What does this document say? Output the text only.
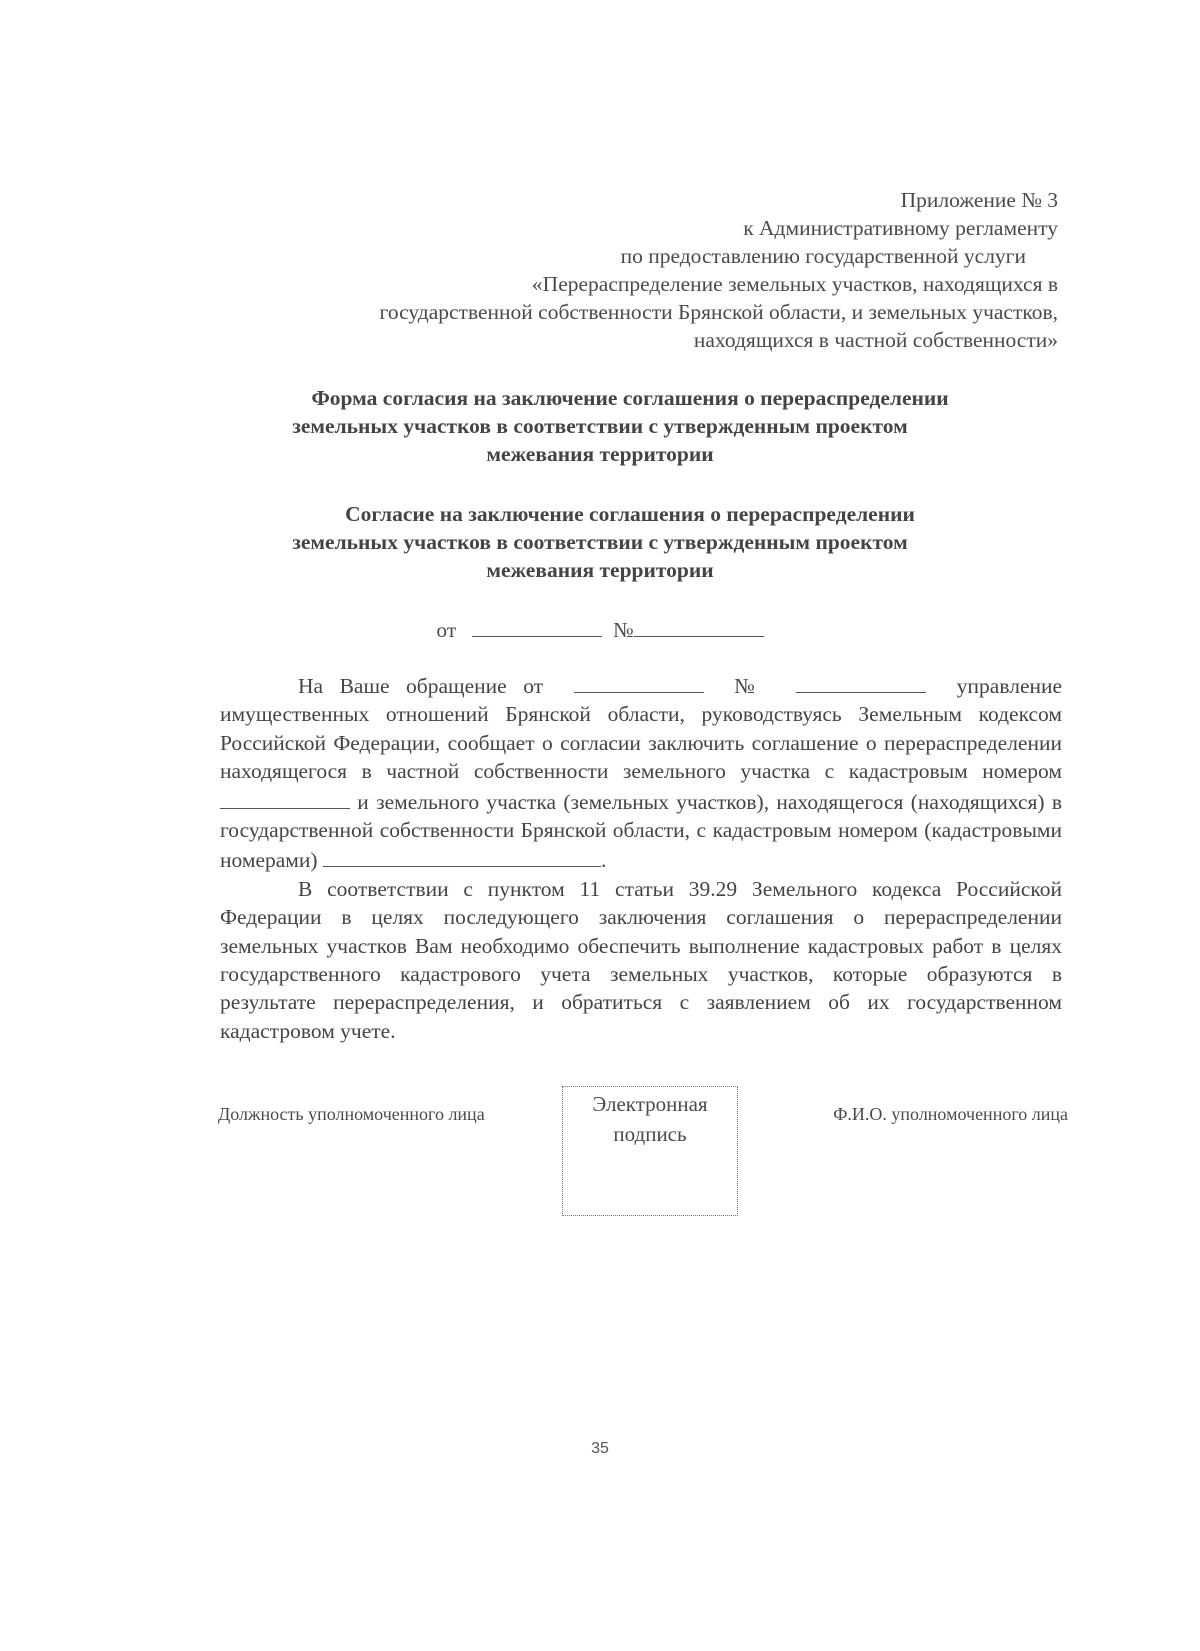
Приложение № 3
к Административному регламенту
по предоставлению государственной услуги
«Перераспределение земельных участков, находящихся в
государственной собственности Брянской области, и земельных участков,
находящихся в частной собственности»
Форма согласия на заключение соглашения о перераспределении
земельных участков в соответствии с утвержденным проектом
межевания территории
Согласие на заключение соглашения о перераспределении
земельных участков в соответствии с утвержденным проектом
межевания территории
от	№

На Ваше обращение от	№	управление имущественных отношений Брянской области, руководствуясь Земельным кодексом Российской Федерации, сообщает о согласии заключить соглашение о перераспределении находящегося в частной собственности земельного участка с кадастровым номером и земельного участка (земельных участков), находящегося (находящихся) в государственной собственности Брянской области, с кадастровым номером (кадастровыми номерами)	.

В соответствии с пунктом 11 статьи 39.29 Земельного кодекса Российской Федерации в целях последующего заключения соглашения о перераспределении земельных участков Вам необходимо обеспечить выполнение кадастровых работ в целях государственного кадастрового учета земельных участков, которые образуются в результате перераспределения, и обратиться с заявлением об их государственном кадастровом учете.

Должность уполномоченного лица	Электронная
подпись
Ф.И.О. уполномоченного лица
35
